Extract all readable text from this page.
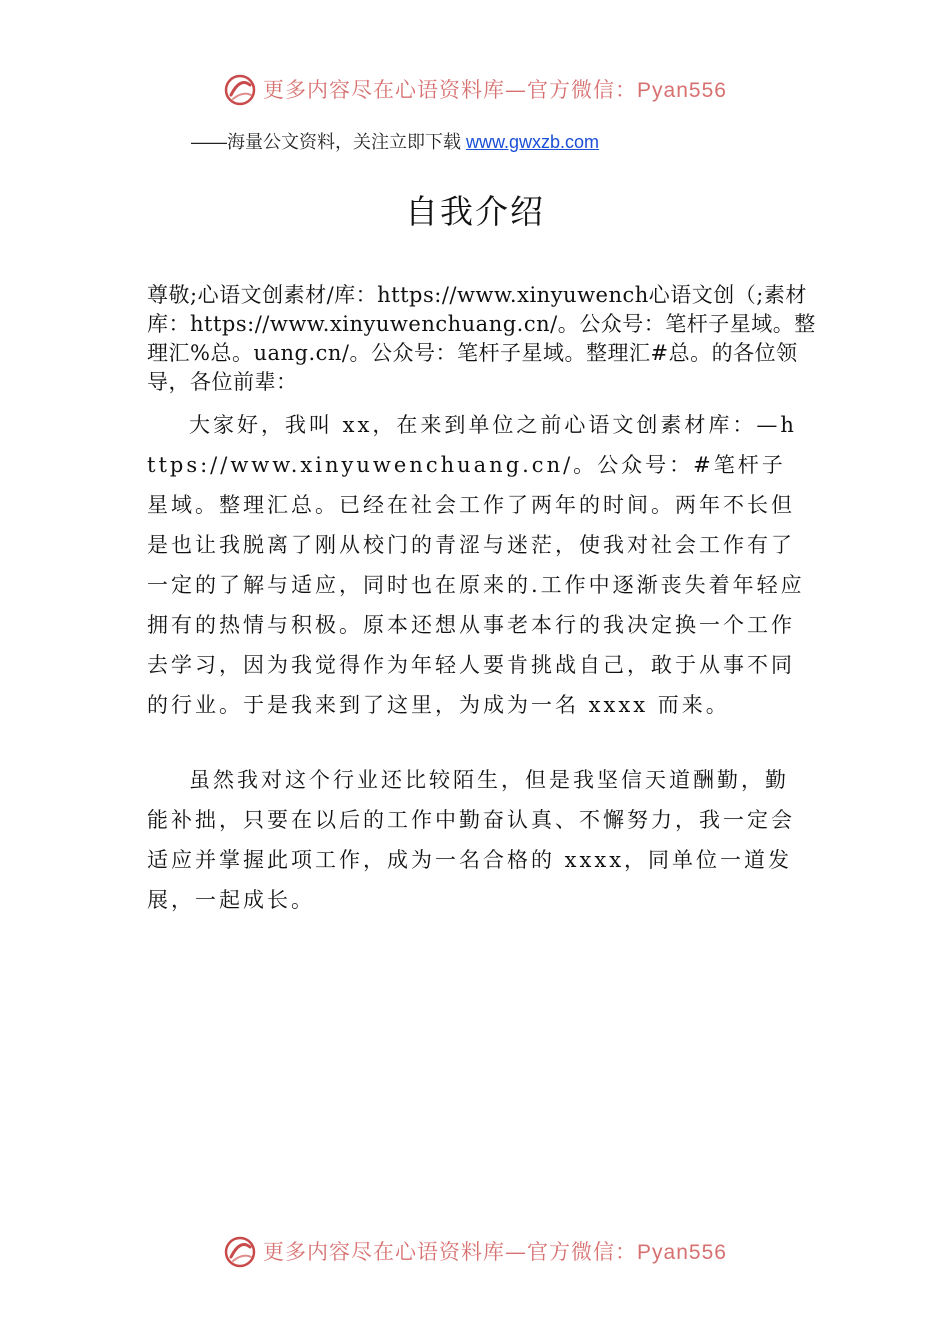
更多内容尽在心语资料库—官方微信：Pyan556
——海量公文资料，关注立即下载 www.gwxzb.com
自我介绍
尊敬;心语文创素材/库：https://www.xinyuwench心语文创（;素材库：https://www.xinyuwenchuang.cn/。公众号：笔杆子星域。整理汇%总。uang.cn/。公众号：笔杆子星域。整理汇#总。的各位领导，各位前辈：
大家好，我叫 xx，在来到单位之前心语文创素材库：—https://www.xinyuwenchuang.cn/。公众号：#笔杆子星域。整理汇总。已经在社会工作了两年的时间。两年不长但是也让我脱离了刚从校门的青涩与迷茫，使我对社会工作有了一定的了解与适应，同时也在原来的.工作中逐渐丧失着年轻应拥有的热情与积极。原本还想从事老本行的我决定换一个工作去学习，因为我觉得作为年轻人要肯挑战自己，敢于从事不同的行业。于是我来到了这里，为成为一名 xxxx 而来。
虽然我对这个行业还比较陌生，但是我坚信天道酬勤，勤能补拙，只要在以后的工作中勤奋认真、不懈努力，我一定会适应并掌握此项工作，成为一名合格的 xxxx，同单位一道发展，一起成长。
更多内容尽在心语资料库—官方微信：Pyan556
